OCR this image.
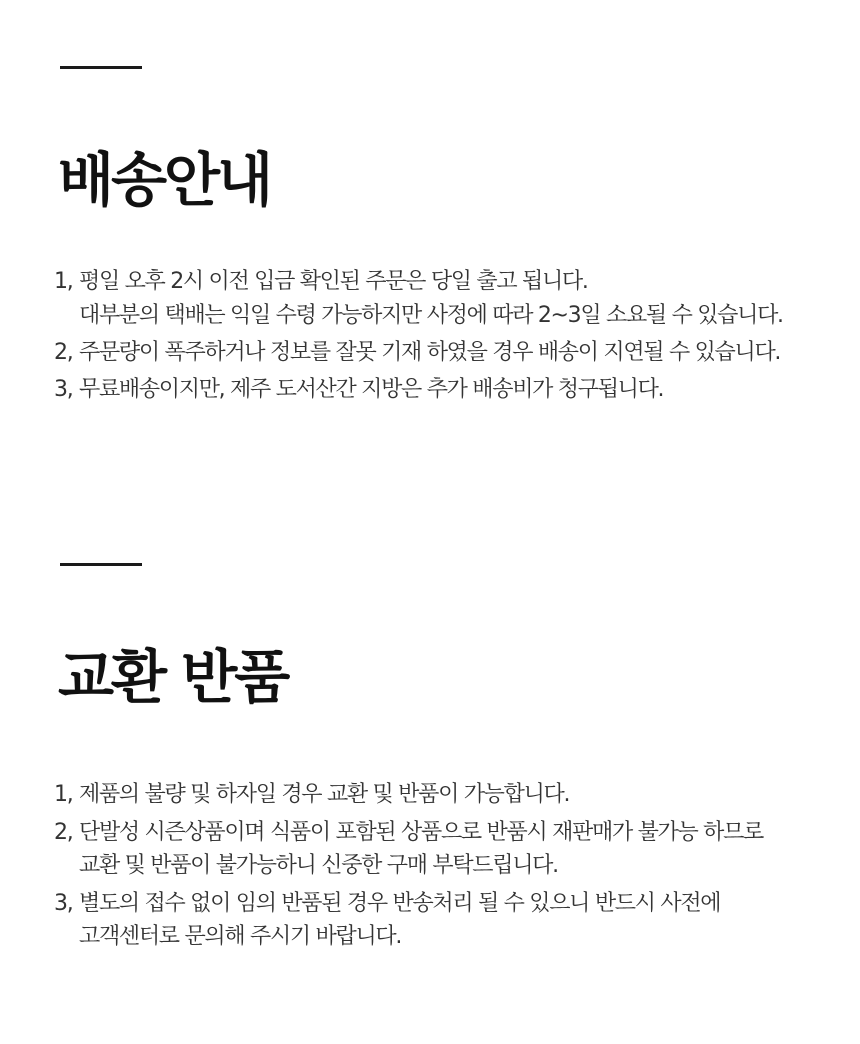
배송안내
1, 평일 오후 2시 이전 입금 확인된 주문은 당일 출고 됩니다.
대부분의 택배는 익일 수령 가능하지만 사정에 따라 2~3일 소요될 수 있습니다.
2, 주문량이 폭주하거나 정보를 잘못 기재 하였을 경우 배송이 지연될 수 있습니다.
3, 무료배송이지만, 제주 도서산간 지방은 추가 배송비가 청구됩니다.
교환 반품
1, 제품의 불량 및 하자일 경우 교환 및 반품이 가능합니다.
2, 단발성 시즌상품이며 식품이 포함된 상품으로 반품시 재판매가 불가능 하므로
교환 및 반품이 불가능하니 신중한 구매 부탁드립니다.
3, 별도의 접수 없이 임의 반품된 경우 반송처리 될 수 있으니 반드시 사전에
고객센터로 문의해 주시기 바랍니다.
